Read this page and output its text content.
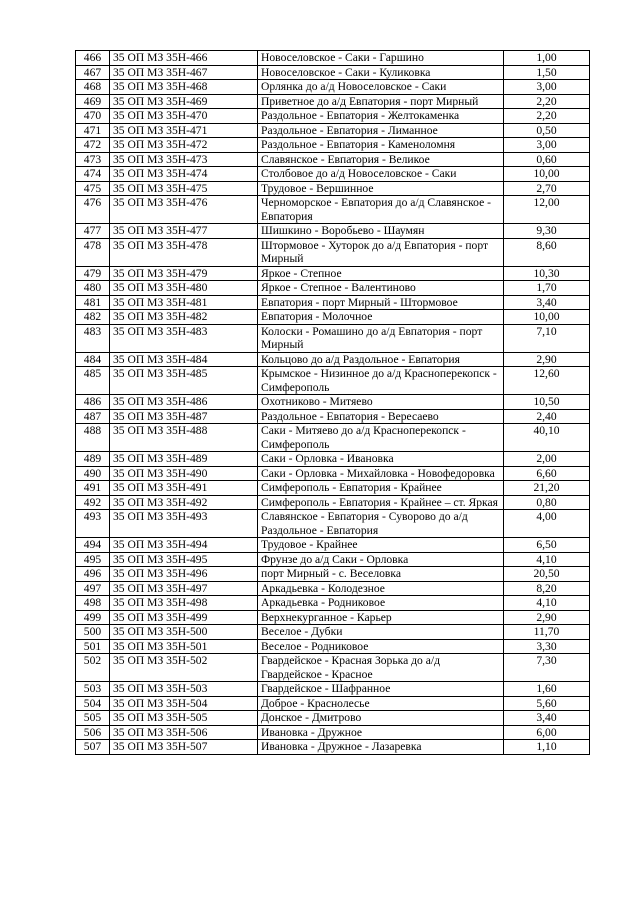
466	35 ОП МЗ 35Н-466	Новоселовское - Саки - Гаршино	1,00
467	35 ОП МЗ 35Н-467	Новоселовское - Саки - Куликовка	1,50
468	35 ОП МЗ 35Н-468	Орлянка до а/д Новоселовское - Саки	3,00
469	35 ОП МЗ 35Н-469	Приветное до а/д Евпатория - порт Мирный	2,20
470	35 ОП МЗ 35Н-470	Раздольное - Евпатория - Желтокаменка	2,20
471	35 ОП МЗ 35Н-471	Раздольное - Евпатория - Лиманное	0,50
472	35 ОП МЗ 35Н-472	Раздольное - Евпатория - Каменоломня	3,00
473	35 ОП МЗ 35Н-473	Славянское - Евпатория - Великое	0,60
474	35 ОП МЗ 35Н-474	Столбовое до а/д Новоселовское - Саки	10,00
475	35 ОП МЗ 35Н-475	Трудовое - Вершинное	2,70
476	35 ОП МЗ 35Н-476	Черноморское - Евпатория до а/д Славянское - Евпатория	12,00
477	35 ОП МЗ 35Н-477	Шишкино - Воробьево - Шаумян	9,30
478	35 ОП МЗ 35Н-478	Штормовое - Хуторок до а/д Евпатория - порт Мирный	8,60
479	35 ОП МЗ 35Н-479	Яркое - Степное	10,30
480	35 ОП МЗ 35Н-480	Яркое - Степное - Валентиново	1,70
481	35 ОП МЗ 35Н-481	Евпатория - порт Мирный - Штормовое	3,40
482	35 ОП МЗ 35Н-482	Евпатория - Молочное	10,00
483	35 ОП МЗ 35Н-483	Колоски - Ромашино до а/д Евпатория - порт Мирный	7,10
484	35 ОП МЗ 35Н-484	Кольцово до а/д Раздольное - Евпатория	2,90
485	35 ОП МЗ 35Н-485	Крымское - Низинное до а/д Красноперекопск - Симферополь	12,60
486	35 ОП МЗ 35Н-486	Охотниково - Митяево	10,50
487	35 ОП МЗ 35Н-487	Раздольное - Евпатория - Вересаево	2,40
488	35 ОП МЗ 35Н-488	Саки - Митяево до а/д Красноперекопск - Симферополь	40,10
489	35 ОП МЗ 35Н-489	Саки - Орловка - Ивановка	2,00
490	35 ОП МЗ 35Н-490	Саки - Орловка - Михайловка - Новофедоровка	6,60
491	35 ОП МЗ 35Н-491	Симферополь - Евпатория - Крайнее	21,20
492	35 ОП МЗ 35Н-492	Симферополь - Евпатория - Крайнее – ст. Яркая	0,80
493	35 ОП МЗ 35Н-493	Славянское - Евпатория - Суворово до а/д Раздольное - Евпатория	4,00
494	35 ОП МЗ 35Н-494	Трудовое - Крайнее	6,50
495	35 ОП МЗ 35Н-495	Фрунзе до а/д Саки - Орловка	4,10
496	35 ОП МЗ 35Н-496	порт Мирный - с. Веселовка	20,50
497	35 ОП МЗ 35Н-497	Аркадьевка - Колодезное	8,20
498	35 ОП МЗ 35Н-498	Аркадьевка - Родниковое	4,10
499	35 ОП МЗ 35Н-499	Верхнекурганное - Карьер	2,90
500	35 ОП МЗ 35Н-500	Веселое - Дубки	11,70
501	35 ОП МЗ 35Н-501	Веселое - Родниковое	3,30
502	35 ОП МЗ 35Н-502	Гвардейское - Красная Зорька до а/д Гвардейское - Красное	7,30
503	35 ОП МЗ 35Н-503	Гвардейское - Шафранное	1,60
504	35 ОП МЗ 35Н-504	Доброе - Краснолесье	5,60
505	35 ОП МЗ 35Н-505	Донское - Дмитрово	3,40
506	35 ОП МЗ 35Н-506	Ивановка - Дружное	6,00
507	35 ОП МЗ 35Н-507	Ивановка - Дружное - Лазаревка	1,10
